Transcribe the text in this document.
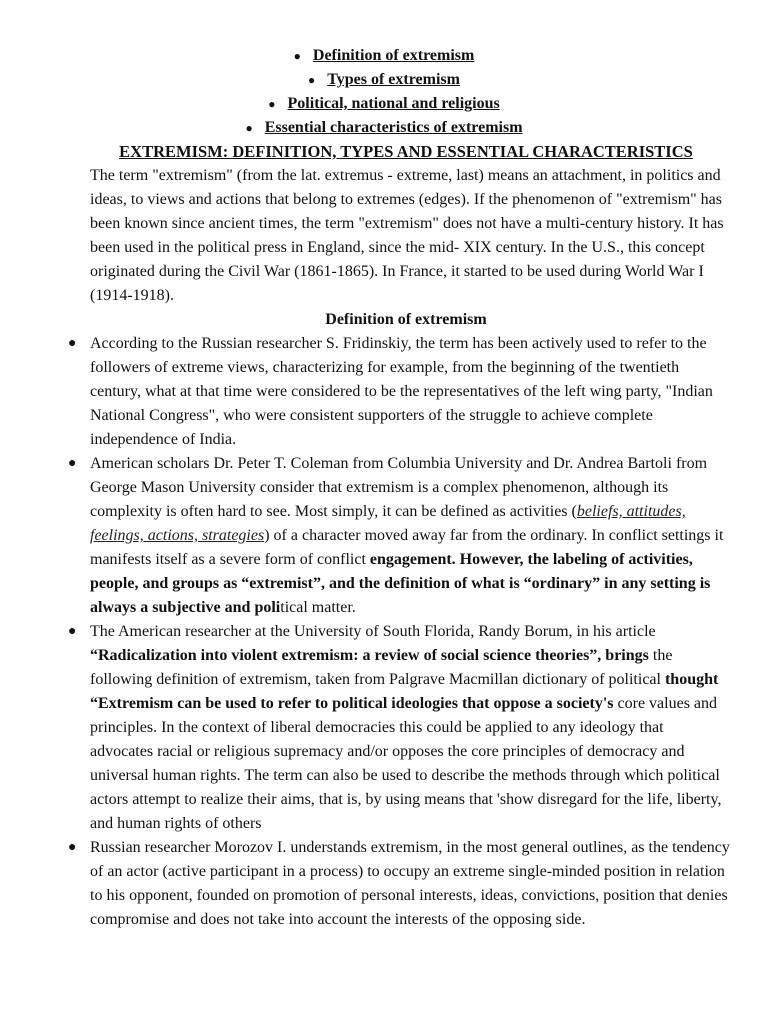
● Definition of extremism
● Types of extremism
● Political, national and religious
● Essential characteristics of extremism
EXTREMISM: DEFINITION, TYPES AND ESSENTIAL CHARACTERISTICS

The term "extremism" (from the lat. extremus - extreme, last) means an attachment, in politics and ideas, to views and actions that belong to extremes (edges). If the phenomenon of "extremism" has been known since ancient times, the term "extremism" does not have a multi-century history. It has been used in the political press in England, since the mid- XIX century. In the U.S., this concept originated during the Civil War (1861-1865). In France, it started to be used during World War I (1914-1918).

Definition of extremism
● According to the Russian researcher S. Fridinskiy, the term has been actively used to refer to the followers of extreme views, characterizing for example, from the beginning of the twentieth century, what at that time were considered to be the representatives of the left wing party, "Indian National Congress", who were consistent supporters of the struggle to achieve complete independence of India.
● American scholars Dr. Peter T. Coleman from Columbia University and Dr. Andrea Bartoli from George Mason University consider that extremism is a complex phenomenon, although its complexity is often hard to see. Most simply, it can be defined as activities (beliefs, attitudes, feelings, actions, strategies) of a character moved away far from the ordinary. In conflict settings it manifests itself as a severe form of conflict engagement. However, the labeling of activities, people, and groups as “extremist”, and the definition of what is “ordinary” in any setting is always a subjective and political matter.
● The American researcher at the University of South Florida, Randy Borum, in his article “Radicalization into violent extremism: a review of social science theories”, brings the following definition of extremism, taken from Palgrave Macmillan dictionary of political thought “Extremism can be used to refer to political ideologies that oppose a society's core values and principles. In the context of liberal democracies this could be applied to any ideology that advocates racial or religious supremacy and/or opposes the core principles of democracy and universal human rights. The term can also be used to describe the methods through which political actors attempt to realize their aims, that is, by using means that 'show disregard for the life, liberty, and human rights of others
● Russian researcher Morozov I. understands extremism, in the most general outlines, as the tendency of an actor (active participant in a process) to occupy an extreme single-minded position in relation to his opponent, founded on promotion of personal interests, ideas, convictions, position that denies compromise and does not take into account the interests of the opposing side.
